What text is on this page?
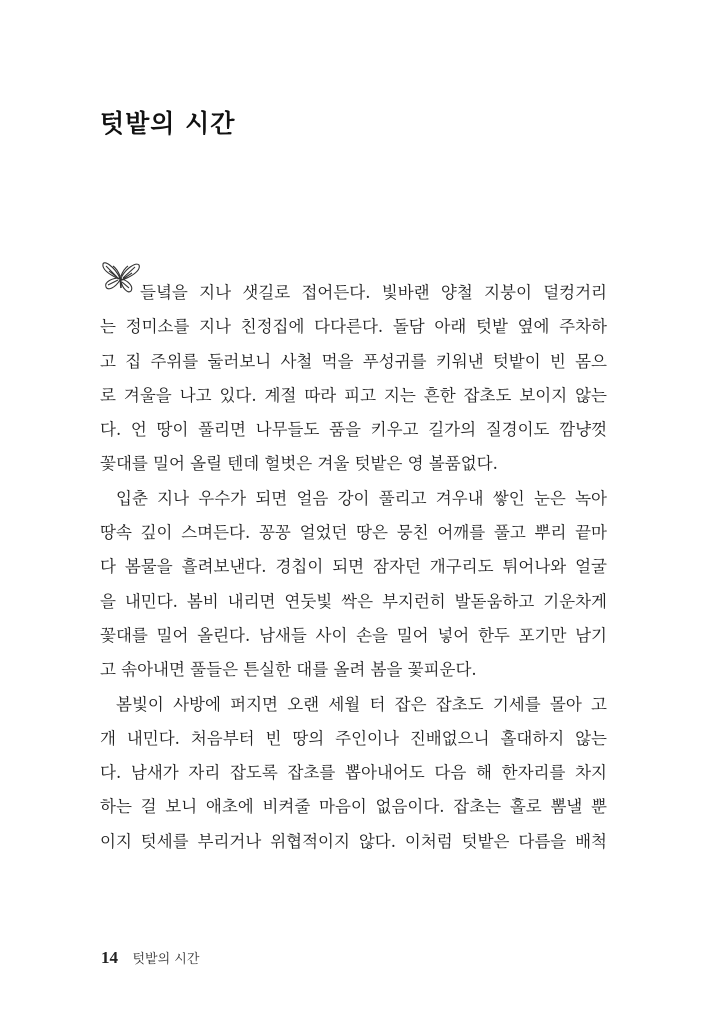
텃밭의 시간
들녘을 지나 샛길로 접어든다. 빛바랜 양철 지붕이 덜컹거리
는 정미소를 지나 친정집에 다다른다. 돌담 아래 텃밭 옆에 주차하
고 집 주위를 둘러보니 사철 먹을 푸성귀를 키워낸 텃밭이 빈 몸으
로 겨울을 나고 있다. 계절 따라 피고 지는 흔한 잡초도 보이지 않는
다. 언 땅이 풀리면 나무들도 품을 키우고 길가의 질경이도 깜냥껏
꽃대를 밀어 올릴 텐데 헐벗은 겨울 텃밭은 영 볼품없다.
입춘 지나 우수가 되면 얼음 강이 풀리고 겨우내 쌓인 눈은 녹아
땅속 깊이 스며든다. 꽁꽁 얼었던 땅은 뭉친 어깨를 풀고 뿌리 끝마
다 봄물을 흘려보낸다. 경칩이 되면 잠자던 개구리도 튀어나와 얼굴
을 내민다. 봄비 내리면 연둣빛 싹은 부지런히 발돋움하고 기운차게
꽃대를 밀어 올린다. 남새들 사이 손을 밀어 넣어 한두 포기만 남기
고 솎아내면 풀들은 튼실한 대를 올려 봄을 꽃피운다.
봄빛이 사방에 퍼지면 오랜 세월 터 잡은 잡초도 기세를 몰아 고
개 내민다. 처음부터 빈 땅의 주인이나 진배없으니 홀대하지 않는
다. 남새가 자리 잡도록 잡초를 뽑아내어도 다음 해 한자리를 차지
하는 걸 보니 애초에 비켜줄 마음이 없음이다. 잡초는 홀로 뽐낼 뿐
이지 텃세를 부리거나 위협적이지 않다. 이처럼 텃밭은 다름을 배척
14 텃밭의 시간
